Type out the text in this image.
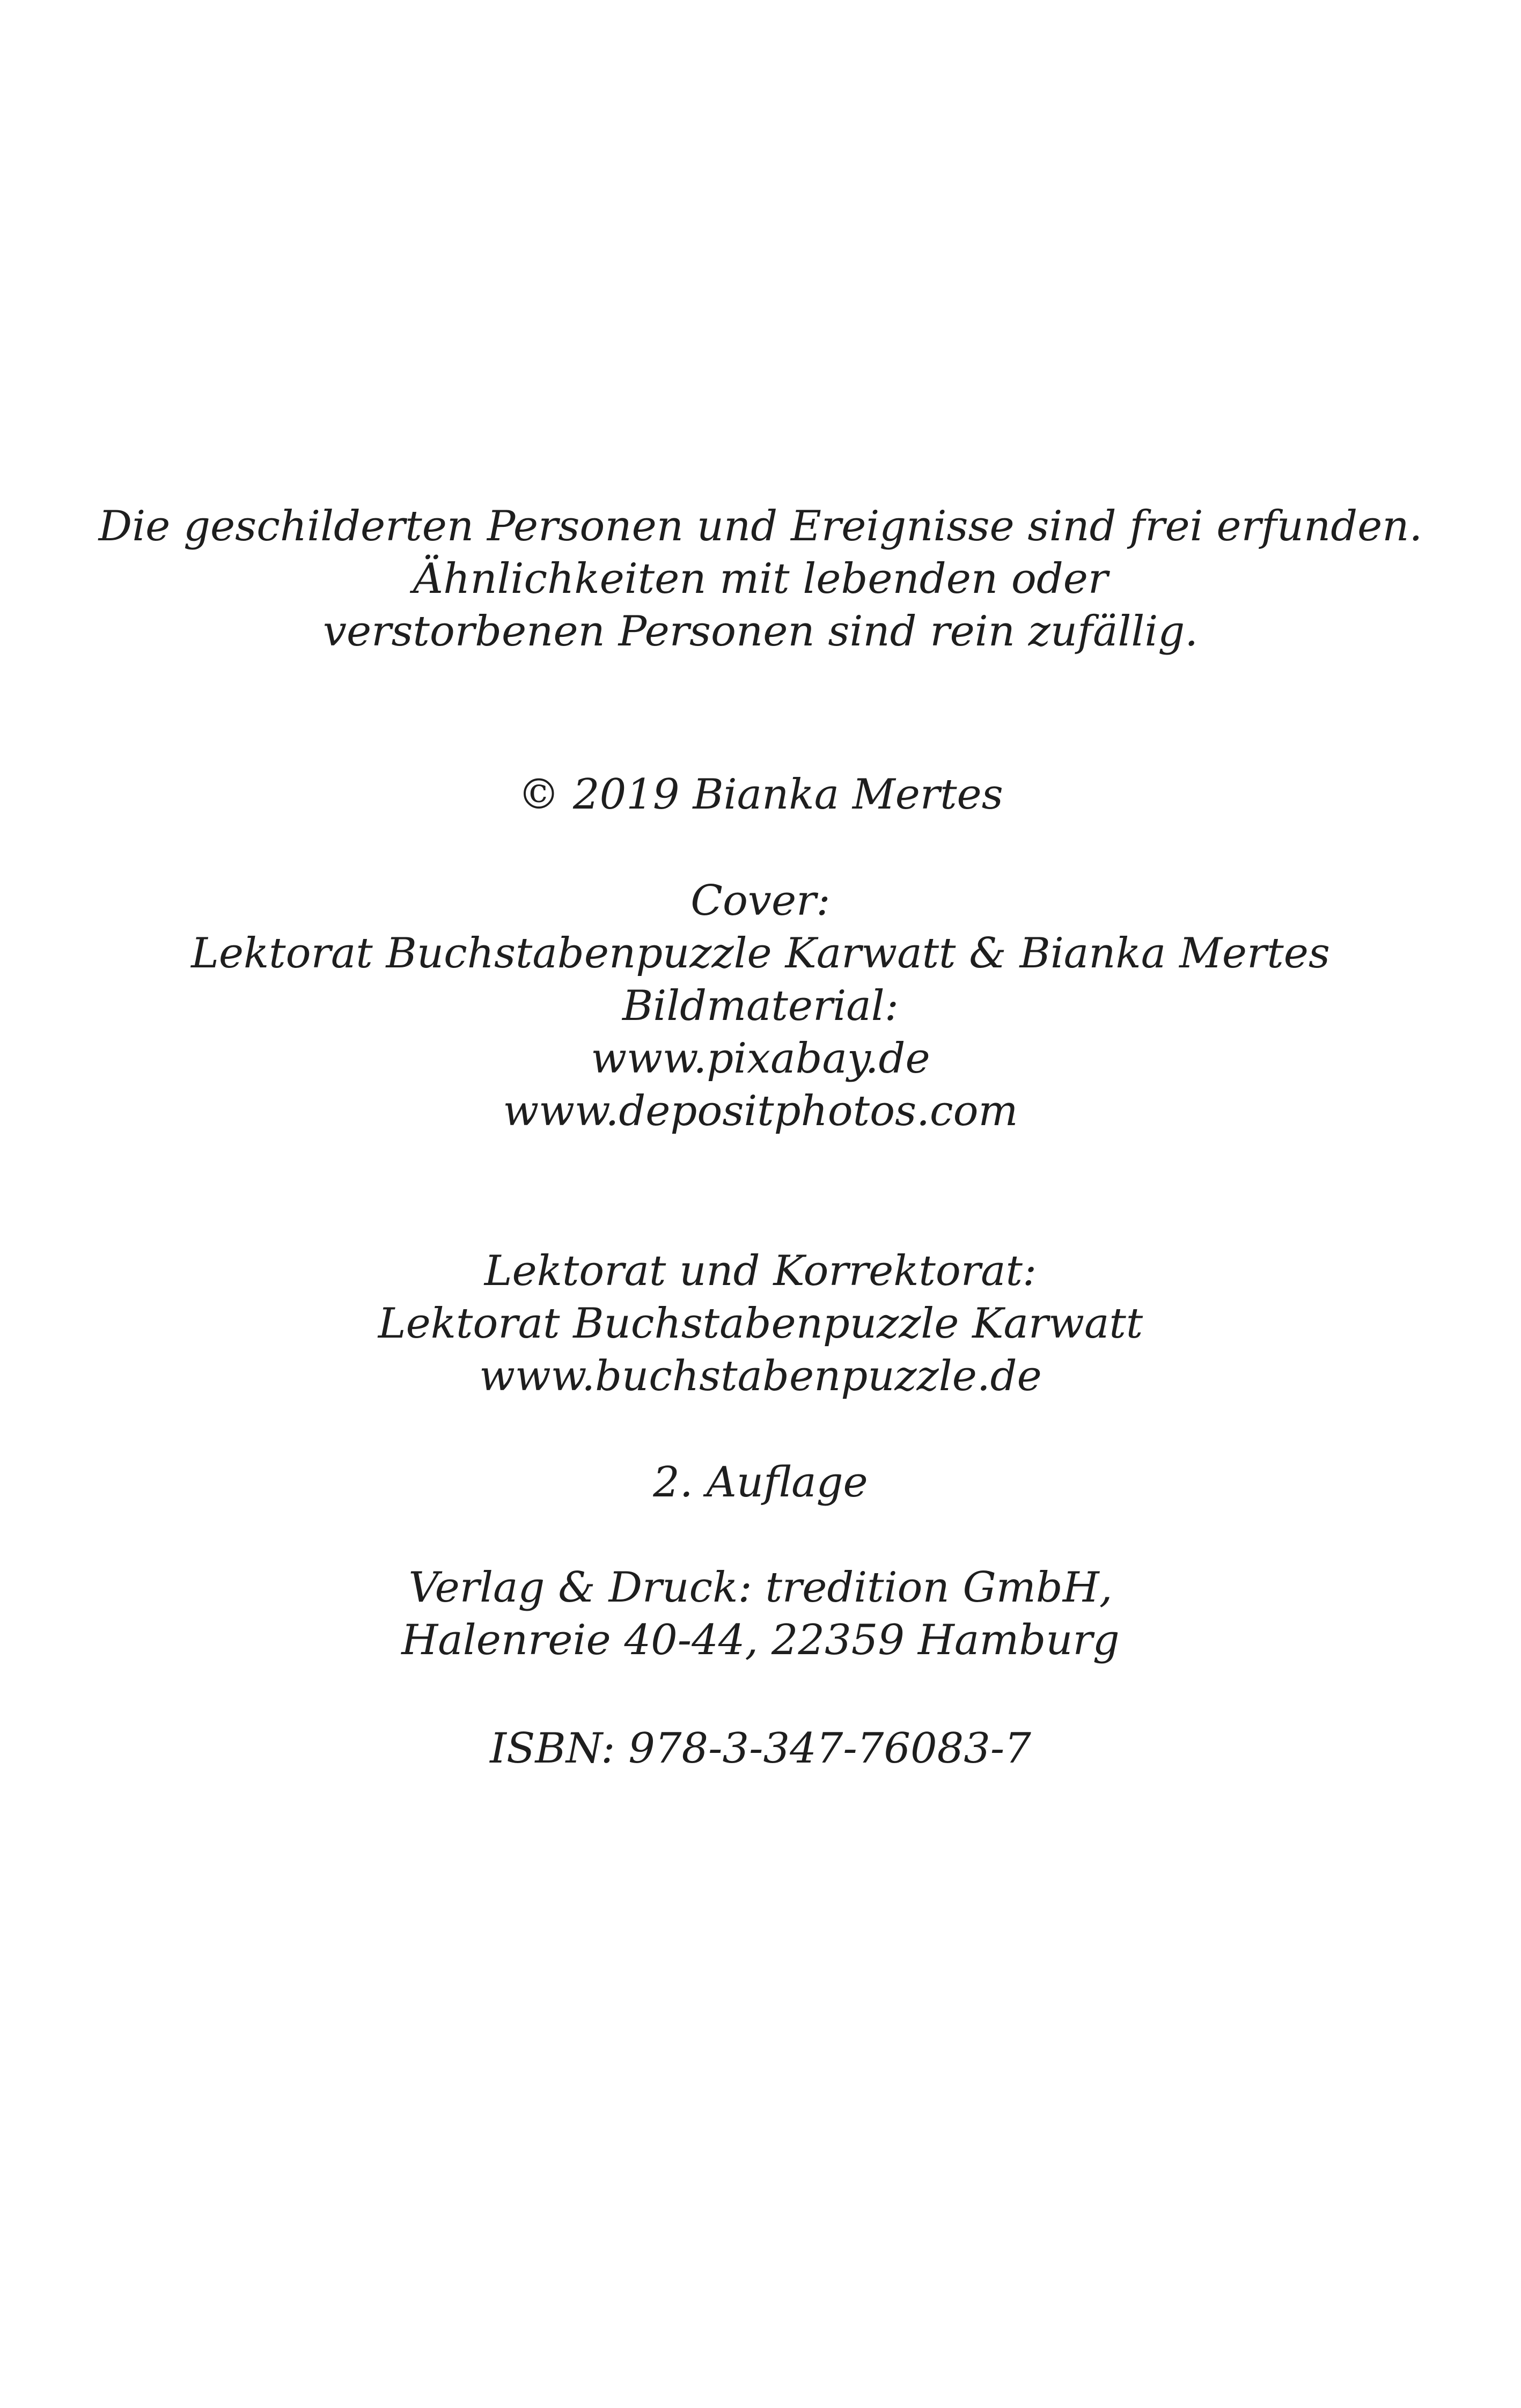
Die geschilderten Personen und Ereignisse sind frei erfunden.
Ähnlichkeiten mit lebenden oder
verstorbenen Personen sind rein zufällig.
© 2019 Bianka Mertes
Cover:
Lektorat Buchstabenpuzzle Karwatt & Bianka Mertes
Bildmaterial:
www.pixabay.de
www.depositphotos.com
Lektorat und Korrektorat:
Lektorat Buchstabenpuzzle Karwatt
www.buchstabenpuzzle.de
2. Auflage
Verlag & Druck: tredition GmbH,
Halenreie 40-44, 22359 Hamburg
ISBN: 978-3-347-76083-7
